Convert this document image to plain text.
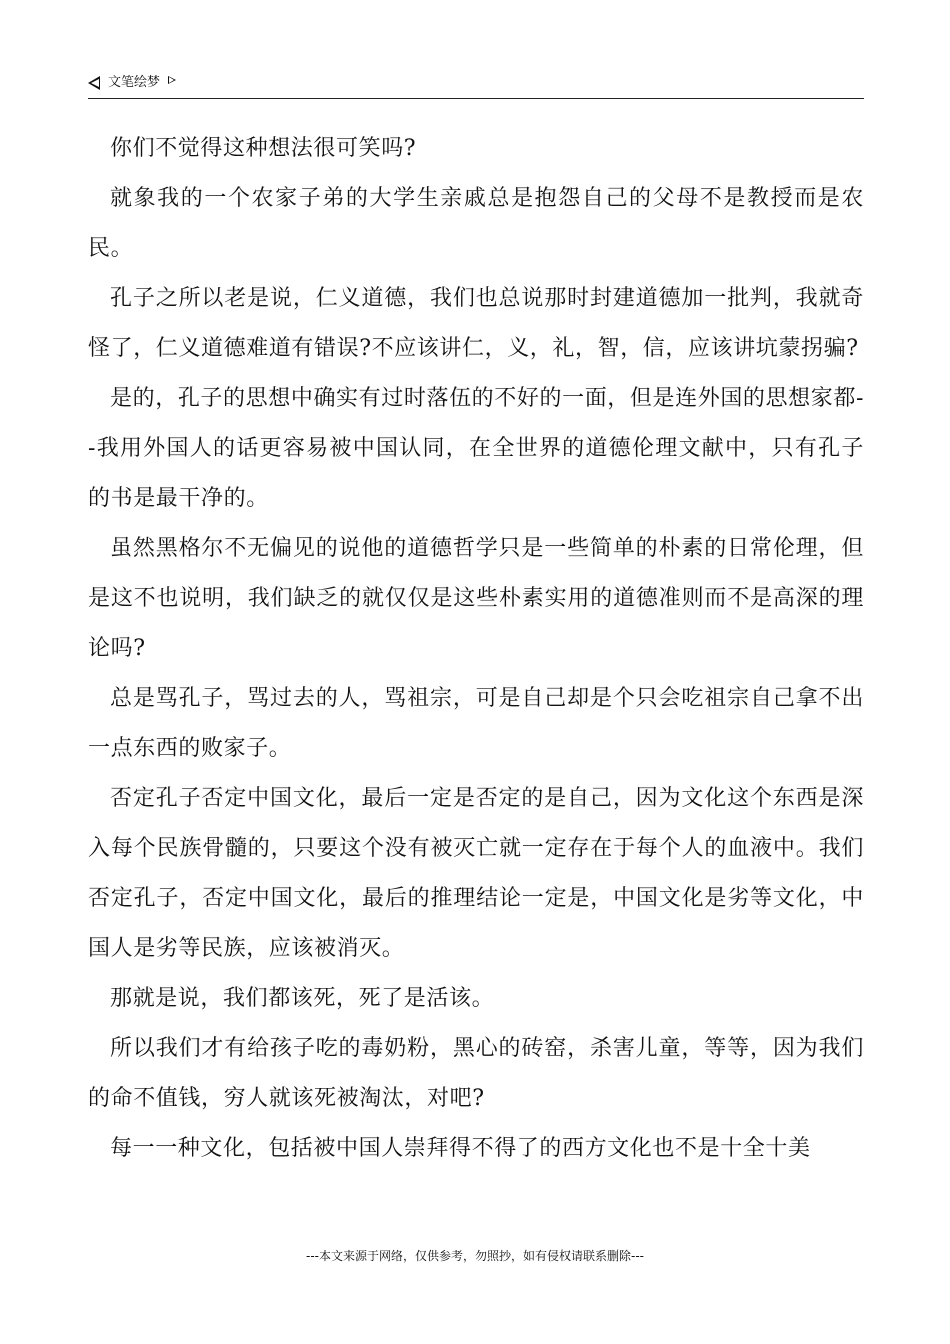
文笔绘梦

你们不觉得这种想法很可笑吗?

就象我的一个农家子弟的大学生亲戚总是抱怨自己的父母不是教授而是农民。

孔子之所以老是说，仁义道德，我们也总说那时封建道德加一批判，我就奇怪了，仁义道德难道有错误?不应该讲仁，义，礼，智，信，应该讲坑蒙拐骗?

是的，孔子的思想中确实有过时落伍的不好的一面，但是连外国的思想家都--我用外国人的话更容易被中国认同，在全世界的道德伦理文献中，只有孔子的书是最干净的。

虽然黑格尔不无偏见的说他的道德哲学只是一些简单的朴素的日常伦理，但是这不也说明，我们缺乏的就仅仅是这些朴素实用的道德准则而不是高深的理论吗?

总是骂孔子，骂过去的人，骂祖宗，可是自己却是个只会吃祖宗自己拿不出一点东西的败家子。

否定孔子否定中国文化，最后一定是否定的是自己，因为文化这个东西是深入每个民族骨髓的，只要这个没有被灭亡就一定存在于每个人的血液中。我们否定孔子，否定中国文化，最后的推理结论一定是，中国文化是劣等文化，中国人是劣等民族，应该被消灭。

那就是说，我们都该死，死了是活该。

所以我们才有给孩子吃的毒奶粉，黑心的砖窑，杀害儿童，等等，因为我们的命不值钱，穷人就该死被淘汰，对吧?

每一一种文化，包括被中国人崇拜得不得了的西方文化也不是十全十美

---本文来源于网络，仅供参考，勿照抄，如有侵权请联系删除---
